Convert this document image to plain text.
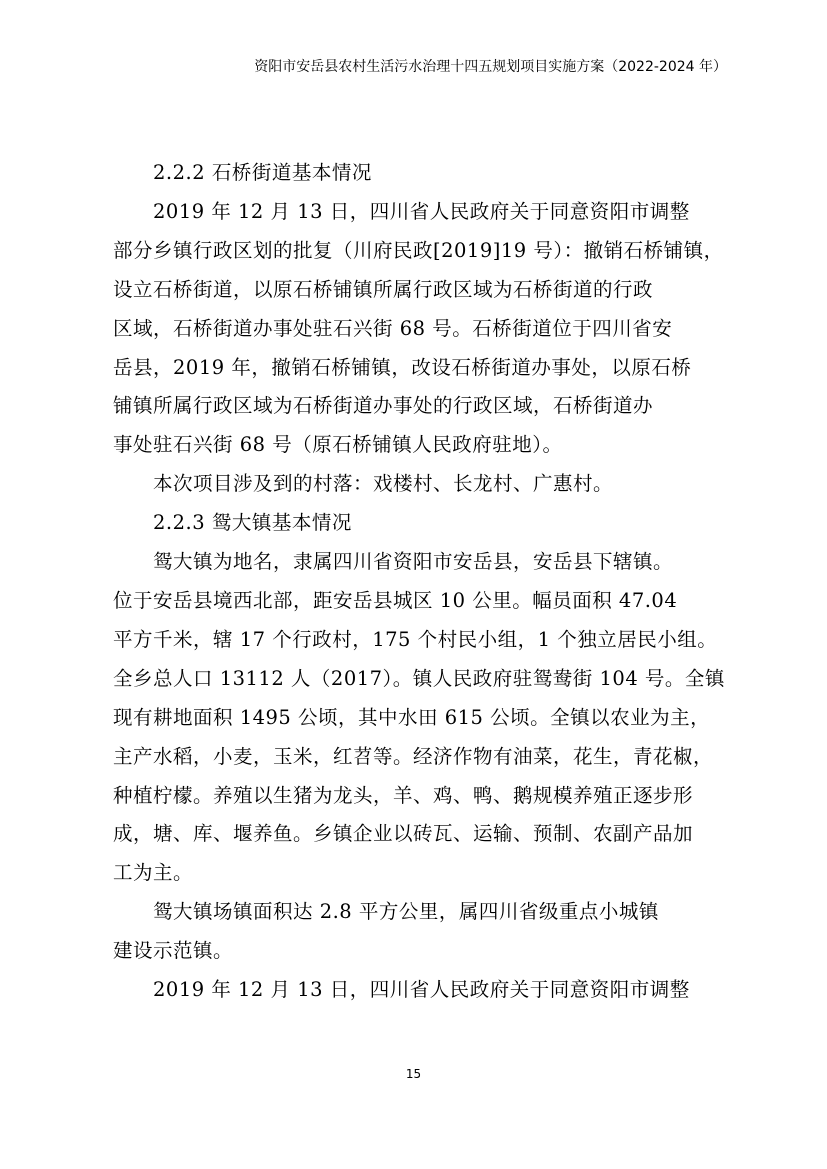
资阳市安岳县农村生活污水治理十四五规划项目实施方案（2022-2024 年）

2.2.2 石桥街道基本情况

2019 年 12 月 13 日，四川省人民政府关于同意资阳市调整

部分乡镇行政区划的批复（川府民政[2019]19 号）：撤销石桥铺镇，

设立石桥街道，以原石桥铺镇所属行政区域为石桥街道的行政

区域，石桥街道办事处驻石兴街 68 号。石桥街道位于四川省安

岳县，2019 年，撤销石桥铺镇，改设石桥街道办事处，以原石桥

铺镇所属行政区域为石桥街道办事处的行政区域，石桥街道办

事处驻石兴街 68 号（原石桥铺镇人民政府驻地）。

本次项目涉及到的村落：戏楼村、长龙村、广惠村。

2.2.3 鸳大镇基本情况

鸳大镇为地名，隶属四川省资阳市安岳县，安岳县下辖镇。

位于安岳县境西北部，距安岳县城区 10 公里。幅员面积 47.04

平方千米，辖 17 个行政村，175 个村民小组，1 个独立居民小组。

全乡总人口 13112 人（2017）。镇人民政府驻鸳鸯街 104 号。全镇

现有耕地面积 1495 公顷，其中水田 615 公顷。全镇以农业为主，

主产水稻，小麦，玉米，红苕等。经济作物有油菜，花生，青花椒，

种植柠檬。养殖以生猪为龙头，羊、鸡、鸭、鹅规模养殖正逐步形

成，塘、库、堰养鱼。乡镇企业以砖瓦、运输、预制、农副产品加

工为主。

鸳大镇场镇面积达 2.8 平方公里，属四川省级重点小城镇

建设示范镇。

2019 年 12 月 13 日，四川省人民政府关于同意资阳市调整

15
